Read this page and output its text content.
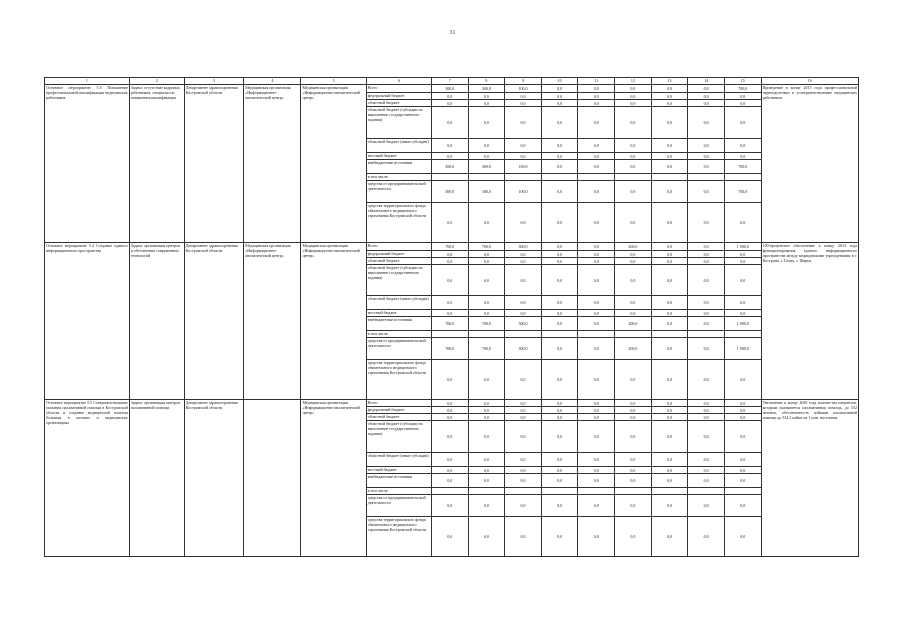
31
1	2	3	4	5	6	7	8	9	10	11	12	13	14	15	16
Основное мероприятие 5.3 Повышение профессиональной квалификации медицинских работников	Задача: отсутствие кадровых работников; специалисты повышения квалификации	Департамент здравоохранения Костромской области	Медицинская организация «Информационно-аналитический центр»	Медицинская организация «Информационно-аналитический центр»	Всего	300,0	300,0	100,0	0,0	0,0	0,0	0,0	0,0	700,0	Проведение в конце 2015 года профессиональной переподготовки и усовершенствование медицинских работников
					федеральный бюджет	0,0	0,0	0,0	0,0	0,0	0,0	0,0	0,0	0,0	
					областной бюджет	0,0	0,0	0,0	0,0	0,0	0,0	0,0	0,0	0,0	
					областной бюджет (субсидии на выполнение государственного задания)	0,0	0,0	0,0	0,0	0,0	0,0	0,0	0,0	0,0	
					областной бюджет (иные субсидии)	0,0	0,0	0,0	0,0	0,0	0,0	0,0	0,0	0,0	
					местный бюджет	0,0	0,0	0,0	0,0	0,0	0,0	0,0	0,0	0,0	
					внебюджетные источники	300,0	300,0	100,0	0,0	0,0	0,0	0,0	0,0	700,0	
					в том числе:										
					средства от предпринимательской деятельности	300,0	300,0	100,0	0,0	0,0	0,0	0,0	0,0	700,0	
					средства территориального фонда обязательного медицинского страхования Костромской области	0,0	0,0	0,0	0,0	0,0	0,0	0,0	0,0	0,0	
Основное мероприятие 5.4 Создание единого информационного пространства	Задача: организация центров и обеспечение современных технологий	Департамент здравоохранения Костромской области	Медицинская организация «Информационно-аналитический центр»	Медицинская организация «Информационно-аналитический центр»	Всего	700,0	700,0	300,0	0,0	0,0	200,0	0,0	0,0	1 900,0	100-процентное обеспечение к концу 2014 года функционирования единого информационного пространства между медицинскими учреждениями в г. Кострома, г. Галич, г. Шарья
					федеральный бюджет	0,0	0,0	0,0	0,0	0,0	0,0	0,0	0,0	0,0	
					областной бюджет	0,0	0,0	0,0	0,0	0,0	0,0	0,0	0,0	0,0	
					областной бюджет (субсидии на выполнение государственного задания)	0,0	0,0	0,0	0,0	0,0	0,0	0,0	0,0	0,0	
					областной бюджет (иные субсидии)	0,0	0,0	0,0	0,0	0,0	0,0	0,0	0,0	0,0	
					местный бюджет	0,0	0,0	0,0	0,0	0,0	0,0	0,0	0,0	0,0	
					внебюджетные источники	700,0	700,0	300,0	0,0	0,0	200,0	0,0	0,0	1 900,0	
					в том числе:										
					средства от предпринимательской деятельности	700,0	700,0	300,0	0,0	0,0	200,0	0,0	0,0	1 900,0	
					средства территориального фонда обязательного медицинского страхования Костромской области	0,0	0,0	0,0	0,0	0,0	0,0	0,0	0,0	0,0	
Основное мероприятие 5.5 Совершенствование оказания паллиативной помощи в Костромской области и создание медицинской помощи больным в частных и медицинских организациях	Задача: организация центров паллиативной помощи	Департамент здравоохранения Костромской области		Медицинская организация «Информационно-аналитический центр»	Всего	0,0	0,0	0,0	0,0	0,0	0,0	0,0	0,0	0,0	Увеличение к концу 2020 года количества пациентов, которым оказывается паллиативная помощь, до 532 человек, обеспеченность койками паллиативной помощи до 534,3 койки на 1 млн. населения
					федеральный бюджет	0,0	0,0	0,0	0,0	0,0	0,0	0,0	0,0	0,0	
					областной бюджет	0,0	0,0	0,0	0,0	0,0	0,0	0,0	0,0	0,0	
					областной бюджет (субсидии на выполнение государственного задания)	0,0	0,0	0,0	0,0	0,0	0,0	0,0	0,0	0,0	
					областной бюджет (иные субсидии)	0,0	0,0	0,0	0,0	0,0	0,0	0,0	0,0	0,0	
					местный бюджет	0,0	0,0	0,0	0,0	0,0	0,0	0,0	0,0	0,0	
					внебюджетные источники	0,0	0,0	0,0	0,0	0,0	0,0	0,0	0,0	0,0	
					в том числе:										
					средства от предпринимательской деятельности	0,0	0,0	0,0	0,0	0,0	0,0	0,0	0,0	0,0	
					средства территориального фонда обязательного медицинского страхования Костромской области	0,0	0,0	0,0	0,0	0,0	0,0	0,0	0,0	0,0	
